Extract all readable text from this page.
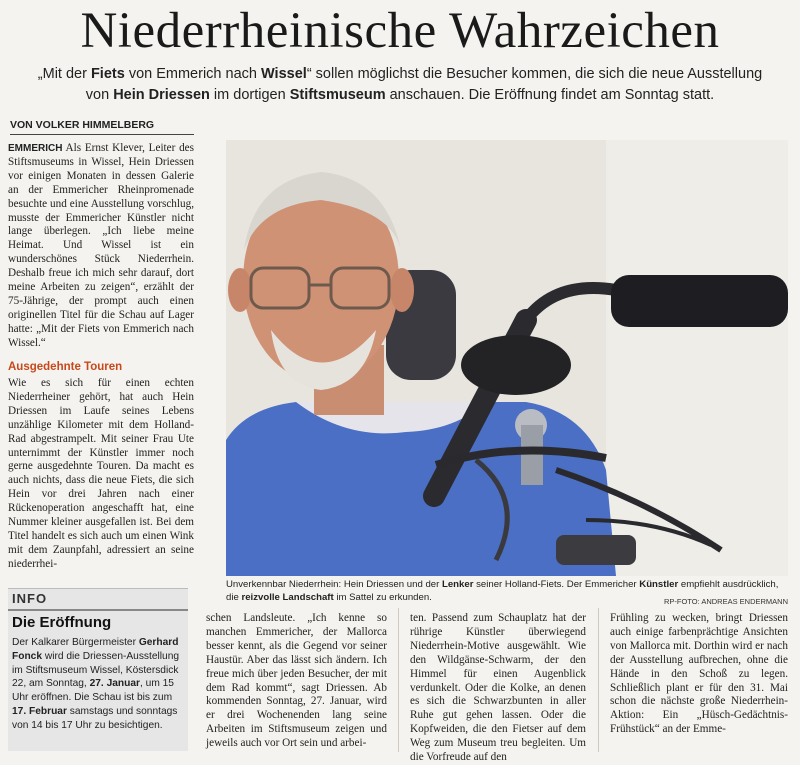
Niederrheinische Wahrzeichen
„Mit der Fiets von Emmerich nach Wissel“ sollen möglichst die Besucher kommen, die sich die neue Ausstellung von Hein Driessen im dortigen Stiftsmuseum anschauen. Die Eröffnung findet am Sonntag statt.
VON VOLKER HIMMELBERG

EMMERICH Als Ernst Klever, Leiter des Stiftsmuseums in Wissel, Hein Driessen vor einigen Monaten in dessen Galerie an der Emmericher Rheinpromenade besuchte und eine Ausstellung vorschlug, musste der Emmericher Künstler nicht lange überlegen. „Ich liebe meine Heimat. Und Wissel ist ein wunderschönes Stück Niederrhein. Deshalb freue ich mich sehr darauf, dort meine Arbeiten zu zeigen“, erzählt der 75-Jährige, der prompt auch einen originellen Titel für die Schau auf Lager hatte: „Mit der Fiets von Emmerich nach Wissel.“

Ausgedehnte Touren

Wie es sich für einen echten Niederrheiner gehört, hat auch Hein Driessen im Laufe seines Lebens unzählige Kilometer mit dem Holland-Rad abgestrampelt. Mit seiner Frau Ute unternimmt der Künstler immer noch gerne ausgedehnte Touren. Da macht es auch nichts, dass die neue Fiets, die sich Hein vor drei Jahren nach einer Rückenoperation angeschafft hat, eine Nummer kleiner ausgefallen ist. Bei dem Titel handelt es sich auch um einen Wink mit dem Zaunpfahl, adressiert an seine niederrhei-

Unverkennbar Niederrhein: Hein Driessen und der Lenker seiner Holland-Fiets. Der Emmericher Künstler empfiehlt ausdrücklich, die reizvolle Landschaft im Sattel zu erkunden.	RP-FOTO: ANDREAS ENDERMANN
INFO
Die Eröffnung
Der Kalkarer Bürgermeister Gerhard Fonck wird die Driessen-Ausstellung im Stiftsmuseum Wissel, Köstersdick 22, am Sonntag, 27. Januar, um 15 Uhr eröffnen. Die Schau ist bis zum 17. Februar samstags und sonntags von 14 bis 17 Uhr zu besichtigen.

schen Landsleute. „Ich kenne so manchen Emmericher, der Mallorca besser kennt, als die Gegend vor seiner Haustür. Aber das lässt sich ändern. Ich freue mich über jeden Besucher, der mit dem Rad kommt“, sagt Driessen. Ab kommenden Sonntag, 27. Januar, wird er drei Wochenenden lang seine Arbeiten im Stiftsmuseum zeigen und jeweils auch vor Ort sein und arbei-

ten. Passend zum Schauplatz hat der rührige Künstler überwiegend Niederrhein-Motive ausgewählt. Wie den Wildgänse-Schwarm, der den Himmel für einen Augenblick verdunkelt. Oder die Kolke, an denen es sich die Schwarzbunten in aller Ruhe gut gehen lassen. Oder die Kopfweiden, die den Fietser auf dem Weg zum Museum treu begleiten. Um die Vorfreude auf den

Frühling zu wecken, bringt Driessen auch einige farbenprächtige Ansichten von Mallorca mit. Dorthin wird er nach der Ausstellung aufbrechen, ohne die Hände in den Schoß zu legen. Schließlich plant er für den 31. Mai schon die nächste große Niederrhein-Aktion: Ein „Hüsch-Gedächtnis-Frühstück“ an der Emme-
